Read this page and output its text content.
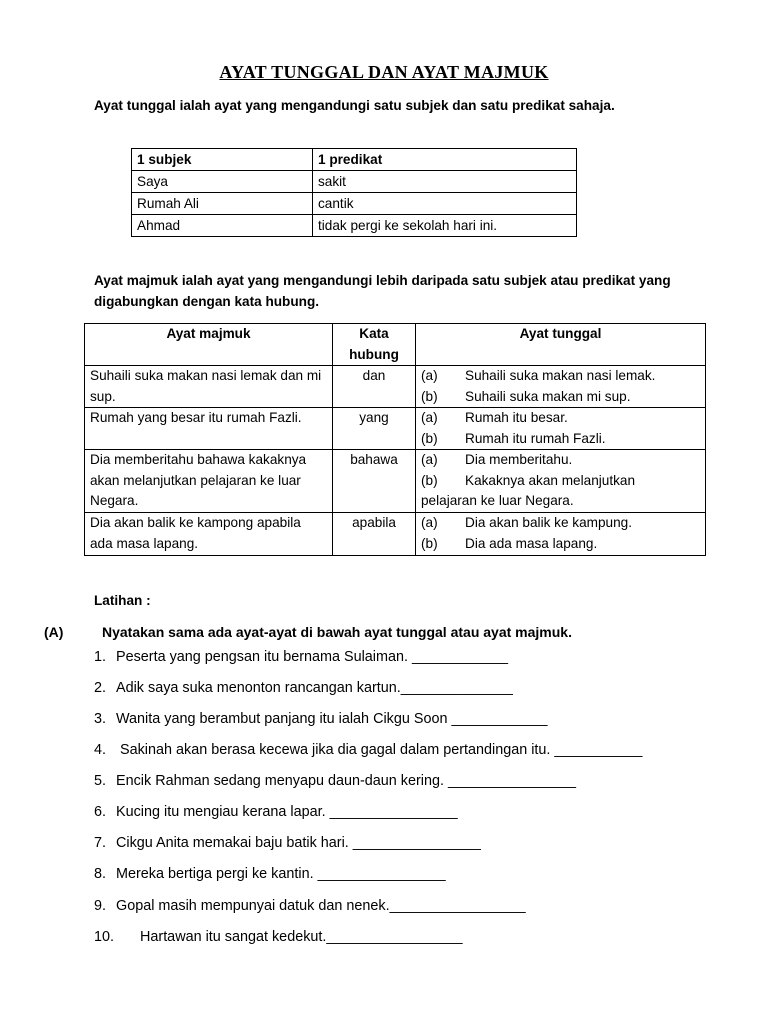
AYAT TUNGGAL DAN AYAT MAJMUK
Ayat tunggal ialah ayat yang mengandungi satu subjek dan satu predikat sahaja.
1 subjek	1 predikat
Saya	sakit
Rumah Ali	cantik
Ahmad	tidak pergi ke sekolah hari ini.
Ayat majmuk ialah ayat yang mengandungi lebih daripada satu subjek atau predikat yang digabungkan dengan kata hubung.
Ayat majmuk	Kata hubung	Ayat tunggal
Suhaili suka makan nasi lemak dan mi sup.	dan	(a) Suhaili suka makan nasi lemak.
(b) Suhaili suka makan mi sup.

Rumah yang besar itu rumah Fazli.	yang	(a) Rumah itu besar.
(b) Rumah itu rumah Fazli.

Dia memberitahu bahawa kakaknya akan melanjutkan pelajaran ke luar Negara.	bahawa	(a) Dia memberitahu.
(b) Kakaknya akan melanjutkan
pelajaran ke luar Negara.

Dia akan balik ke kampong apabila ada masa lapang.	apabila	(a) Dia akan balik ke kampung.
(b) Dia ada masa lapang.
Latihan :
(A)	Nyatakan sama ada ayat-ayat di bawah ayat tunggal atau ayat majmuk.
1. Peserta yang pengsan itu bernama Sulaiman. ____________
2. Adik saya suka menonton rancangan kartun.______________
3. Wanita yang berambut panjang itu ialah Cikgu Soon ____________
4. Sakinah akan berasa kecewa jika dia gagal dalam pertandingan itu. ___________
5. Encik Rahman sedang menyapu daun-daun kering. ________________
6. Kucing itu mengiau kerana lapar. ________________
7. Cikgu Anita memakai baju batik hari. ________________
8. Mereka bertiga pergi ke kantin. ________________
9. Gopal masih mempunyai datuk dan nenek._________________
10. Hartawan itu sangat kedekut._________________
